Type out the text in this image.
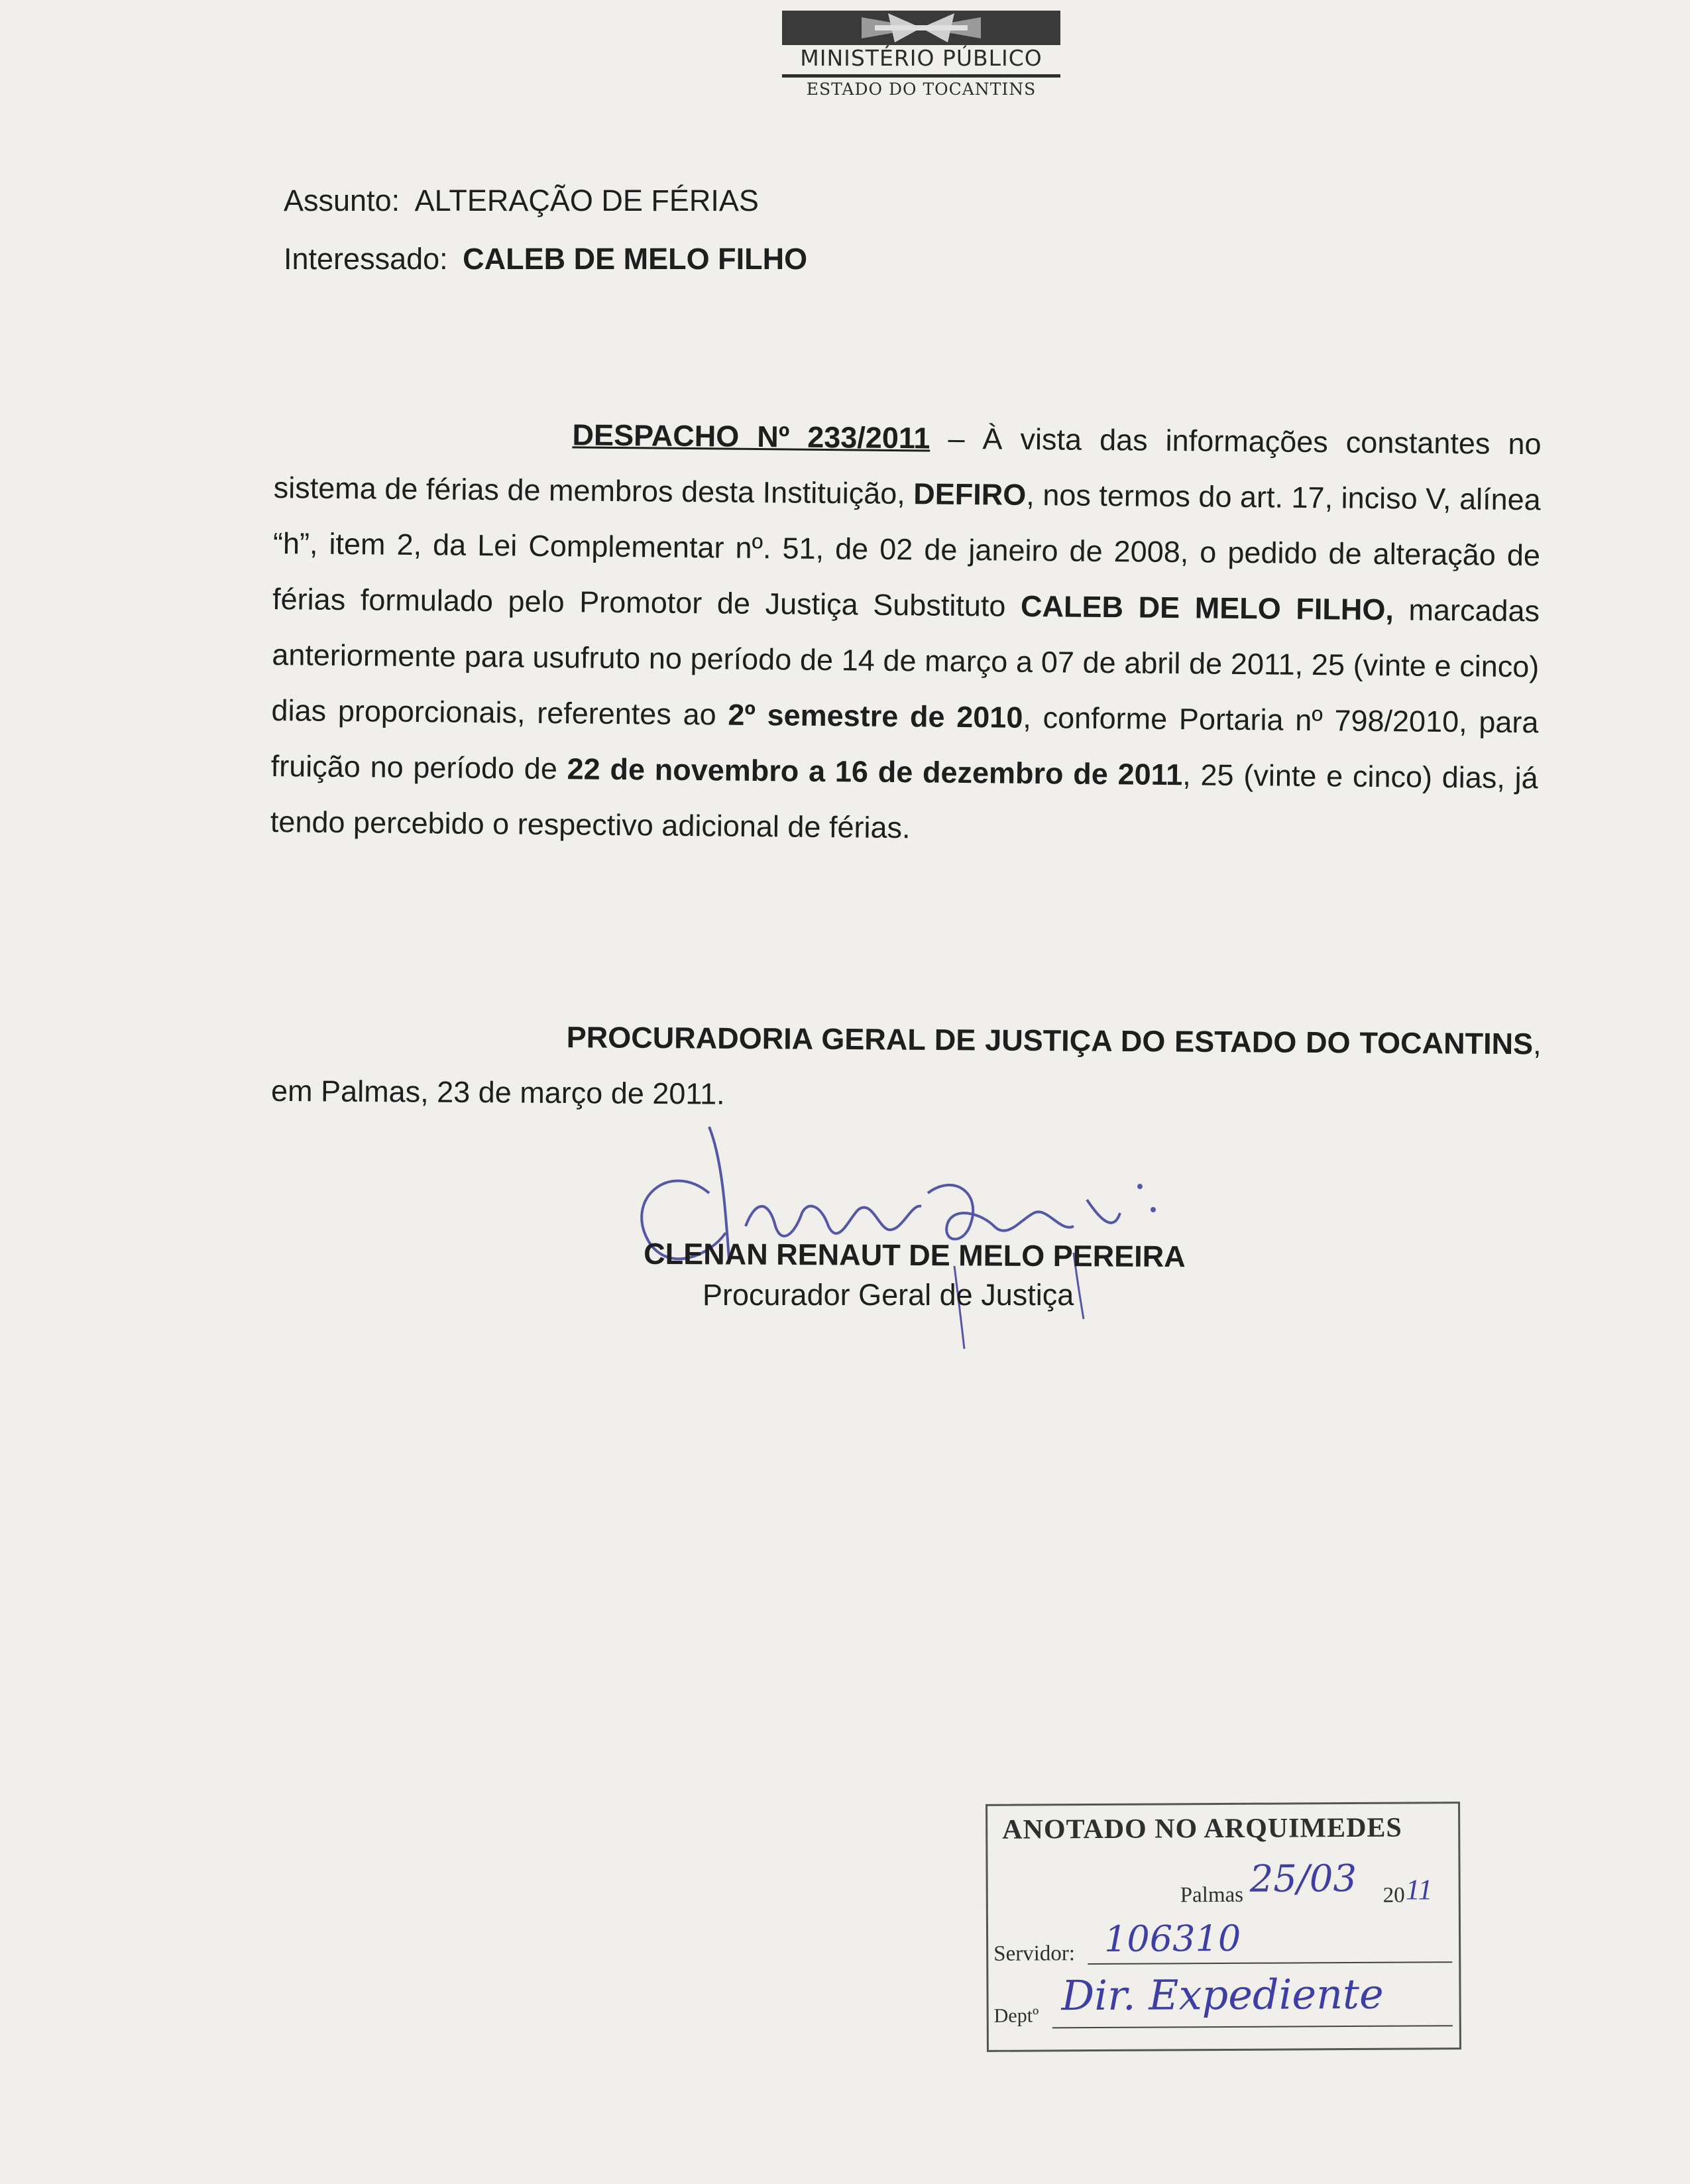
MINISTÉRIO PÚBLICO
ESTADO DO TOCANTINS
Assunto: ALTERAÇÃO DE FÉRIAS
Interessado: CALEB DE MELO FILHO
DESPACHO Nº 233/2011 – À vista das informações constantes no sistema de férias de membros desta Instituição, DEFIRO, nos termos do art. 17, inciso V, alínea “h”, item 2, da Lei Complementar nº. 51, de 02 de janeiro de 2008, o pedido de alteração de férias formulado pelo Promotor de Justiça Substituto CALEB DE MELO FILHO, marcadas anteriormente para usufruto no período de 14 de março a 07 de abril de 2011, 25 (vinte e cinco) dias proporcionais, referentes ao 2º semestre de 2010, conforme Portaria nº 798/2010, para fruição no período de 22 de novembro a 16 de dezembro de 2011, 25 (vinte e cinco) dias, já tendo percebido o respectivo adicional de férias.
PROCURADORIA GERAL DE JUSTIÇA DO ESTADO DO TOCANTINS, em Palmas, 23 de março de 2011.
CLENAN RENAUT DE MELO PEREIRA
Procurador Geral de Justiça
ANOTADO NO ARQUIMEDES
Palmas 25/03 20 11
Servidor: 106310
Deptº Dir. Expediente
